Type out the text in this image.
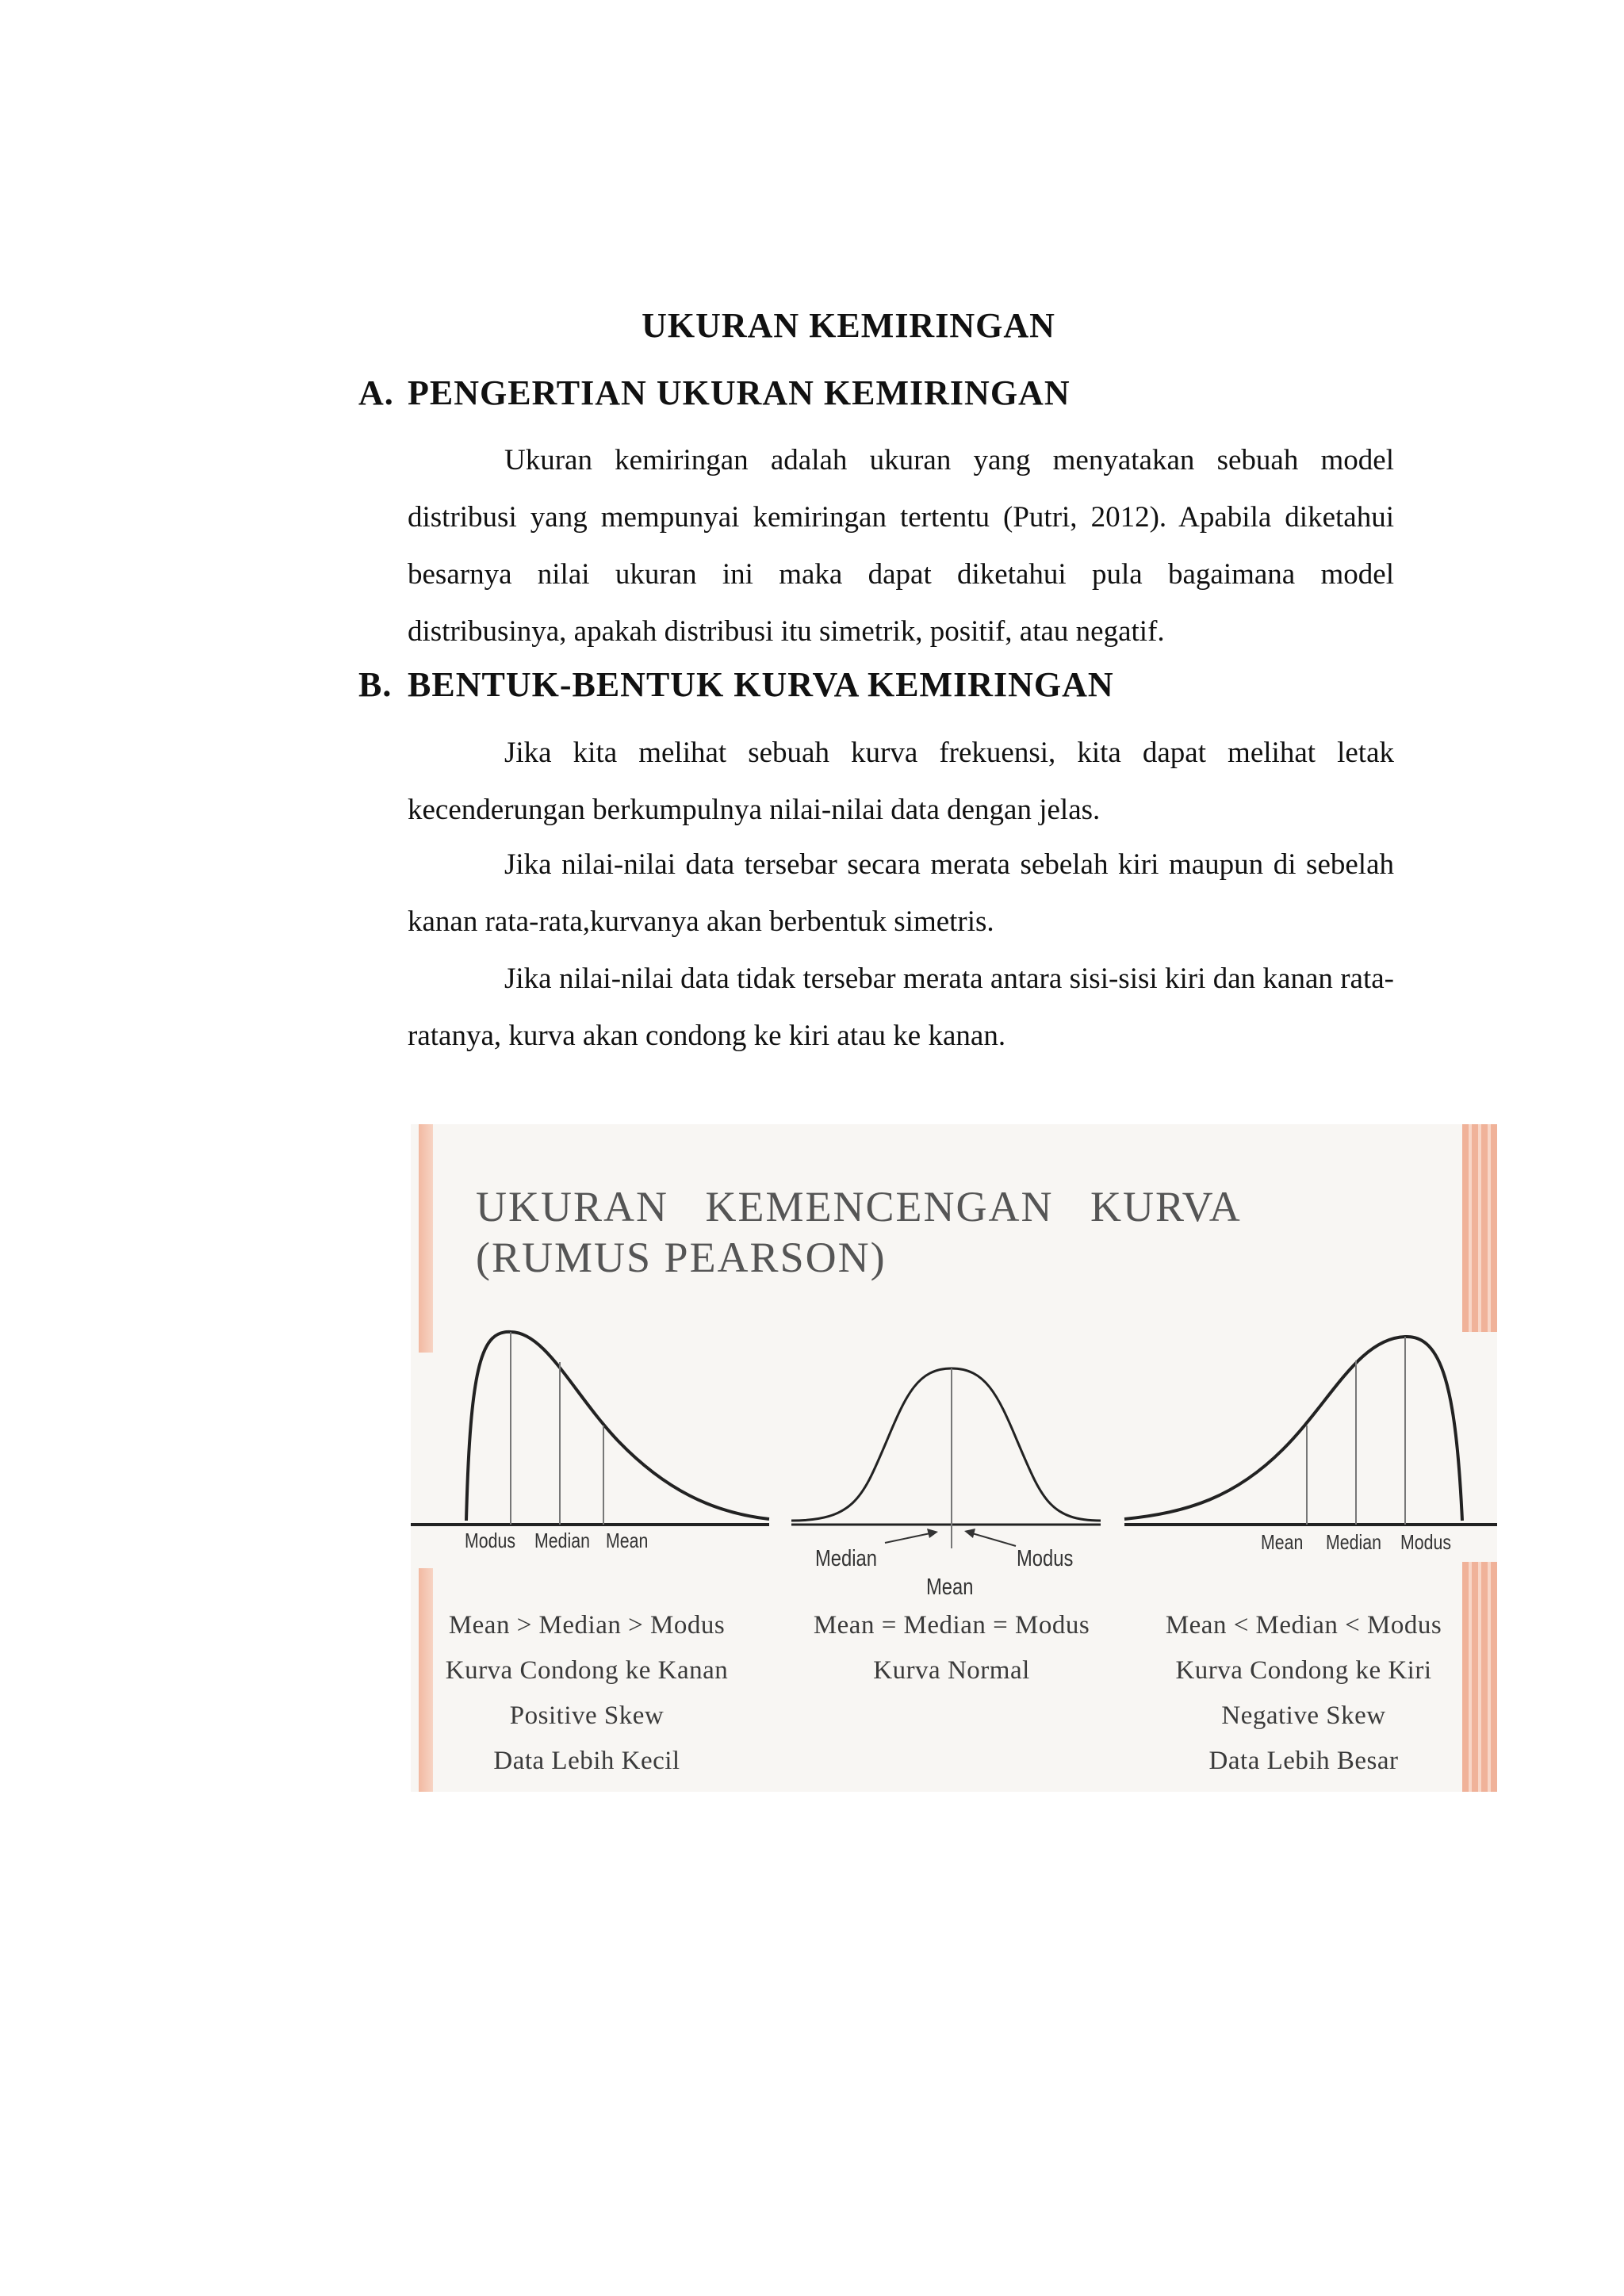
UKURAN KEMIRINGAN
A. PENGERTIAN UKURAN KEMIRINGAN
Ukuran kemiringan adalah ukuran yang menyatakan sebuah model distribusi yang mempunyai kemiringan tertentu (Putri, 2012). Apabila diketahui besarnya nilai ukuran ini maka dapat diketahui pula bagaimana model distribusinya, apakah distribusi itu simetrik, positif, atau negatif.
B. BENTUK-BENTUK KURVA KEMIRINGAN
Jika kita melihat sebuah kurva frekuensi, kita dapat melihat letak kecenderungan berkumpulnya nilai-nilai data dengan jelas.
Jika nilai-nilai data tersebar secara merata sebelah kiri maupun di sebelah kanan rata-rata,kurvanya akan berbentuk simetris.
Jika nilai-nilai data tidak tersebar merata antara sisi-sisi kiri dan kanan rata-ratanya, kurva akan condong ke kiri atau ke kanan.
UKURAN   KEMENCENGAN   KURVA
(RUMUS PEARSON)
Modus Median Mean
Median	Modus
Mean
Mean Median Modus
Mean > Median > Modus
Kurva Condong ke Kanan
Positive Skew
Data Lebih Kecil
Mean = Median = Modus
Kurva Normal
Mean < Median < Modus
Kurva Condong ke Kiri
Negative Skew
Data Lebih Besar
